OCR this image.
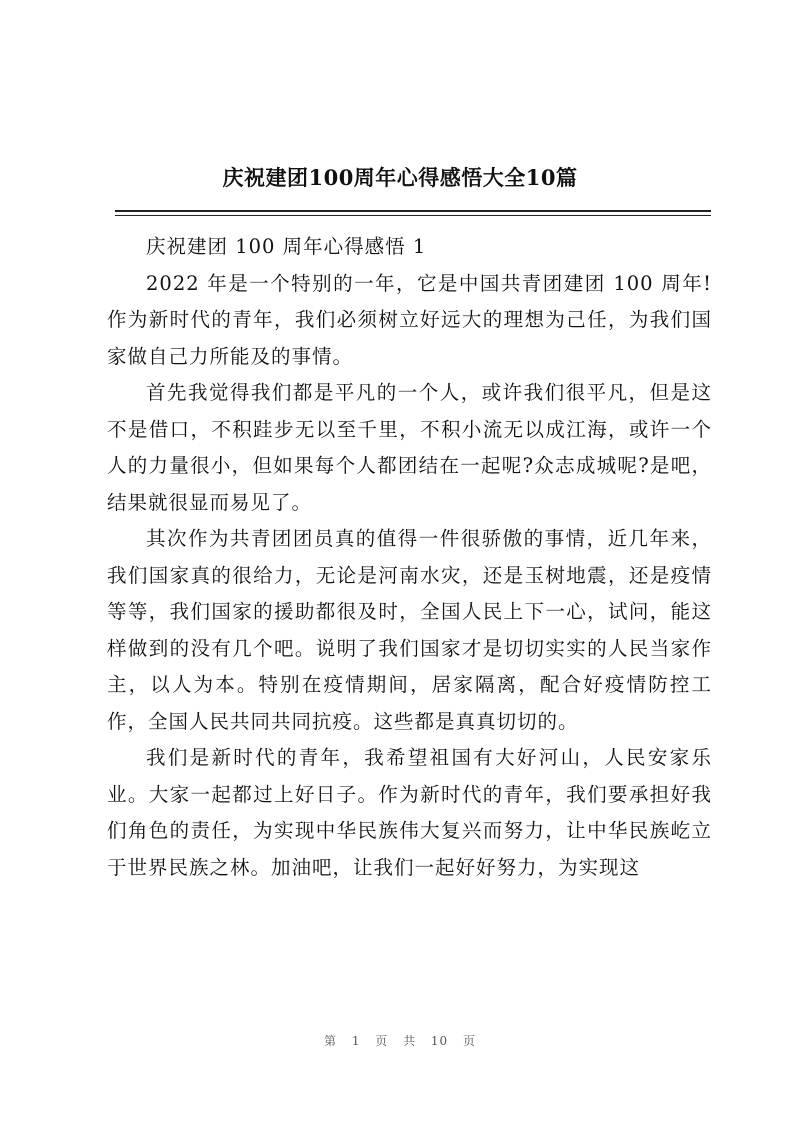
庆祝建团100周年心得感悟大全10篇

庆祝建团 100 周年心得感悟 1

2022 年是一个特别的一年，它是中国共青团建团 100 周年!作为新时代的青年，我们必须树立好远大的理想为己任，为我们国家做自己力所能及的事情。

首先我觉得我们都是平凡的一个人，或许我们很平凡，但是这不是借口，不积跬步无以至千里，不积小流无以成江海，或许一个人的力量很小，但如果每个人都团结在一起呢?众志成城呢?是吧，结果就很显而易见了。

其次作为共青团团员真的值得一件很骄傲的事情，近几年来，我们国家真的很给力，无论是河南水灾，还是玉树地震，还是疫情等等，我们国家的援助都很及时，全国人民上下一心，试问，能这样做到的没有几个吧。说明了我们国家才是切切实实的人民当家作主，以人为本。特别在疫情期间，居家隔离，配合好疫情防控工作，全国人民共同共同抗疫。这些都是真真切切的。

我们是新时代的青年，我希望祖国有大好河山，人民安家乐业。大家一起都过上好日子。作为新时代的青年，我们要承担好我们角色的责任，为实现中华民族伟大复兴而努力，让中华民族屹立于世界民族之林。加油吧，让我们一起好好努力，为实现这

第 1 页 共 10 页
